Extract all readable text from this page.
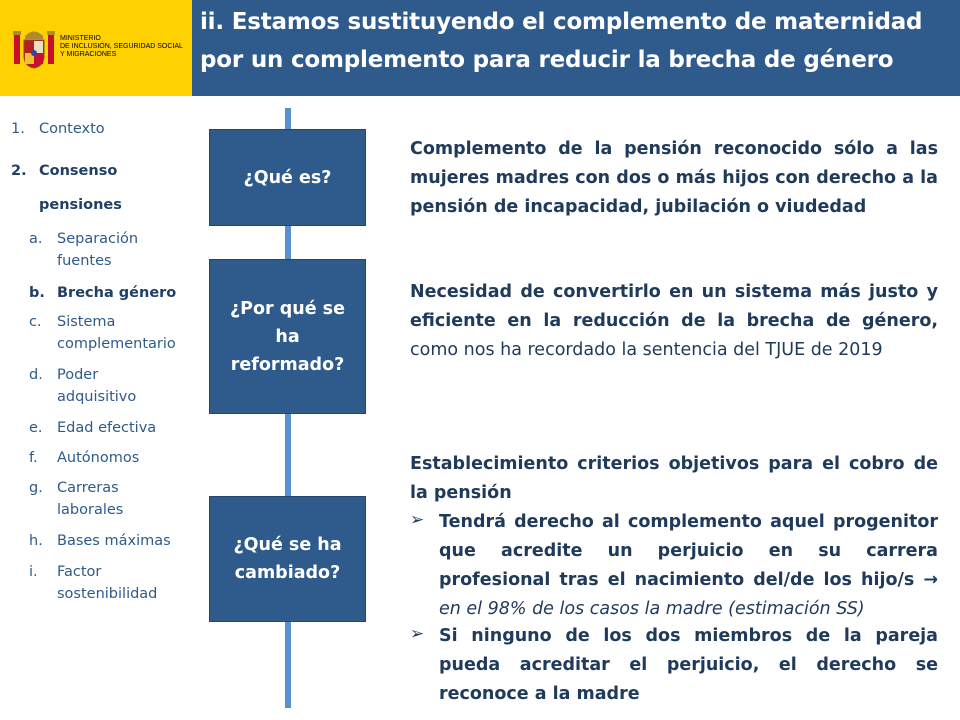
MINISTERIO
DE INCLUSIÓN, SEGURIDAD SOCIAL
Y MIGRACIONES
ii. Estamos sustituyendo el complemento de maternidad
por un complemento para reducir la brecha de género
1. Contexto
2. Consenso
pensiones
a. Separación
fuentes
b. Brecha género
c. Sistema
complementario
d. Poder
adquisitivo
e. Edad efectiva
f. Autónomos
g. Carreras
laborales
h. Bases máximas
i. Factor
sostenibilidad
¿Qué es?
¿Por qué se
ha
reformado?
¿Qué se ha
cambiado?
Complemento de la pensión reconocido sólo a las
mujeres madres con dos o más hijos con derecho a la
pensión de incapacidad, jubilación o viudedad
Necesidad de convertirlo en un sistema más justo y
eficiente en la reducción de la brecha de género,
como nos ha recordado la sentencia del TJUE de 2019
Establecimiento criterios objetivos para el cobro de
la pensión
➢ Tendrá derecho al complemento aquel progenitor
que acredite un perjuicio en su carrera
profesional tras el nacimiento del/de los hijo/s →
en el 98% de los casos la madre (estimación SS)
➢ Si ninguno de los dos miembros de la pareja
pueda acreditar el perjuicio, el derecho se
reconoce a la madre
